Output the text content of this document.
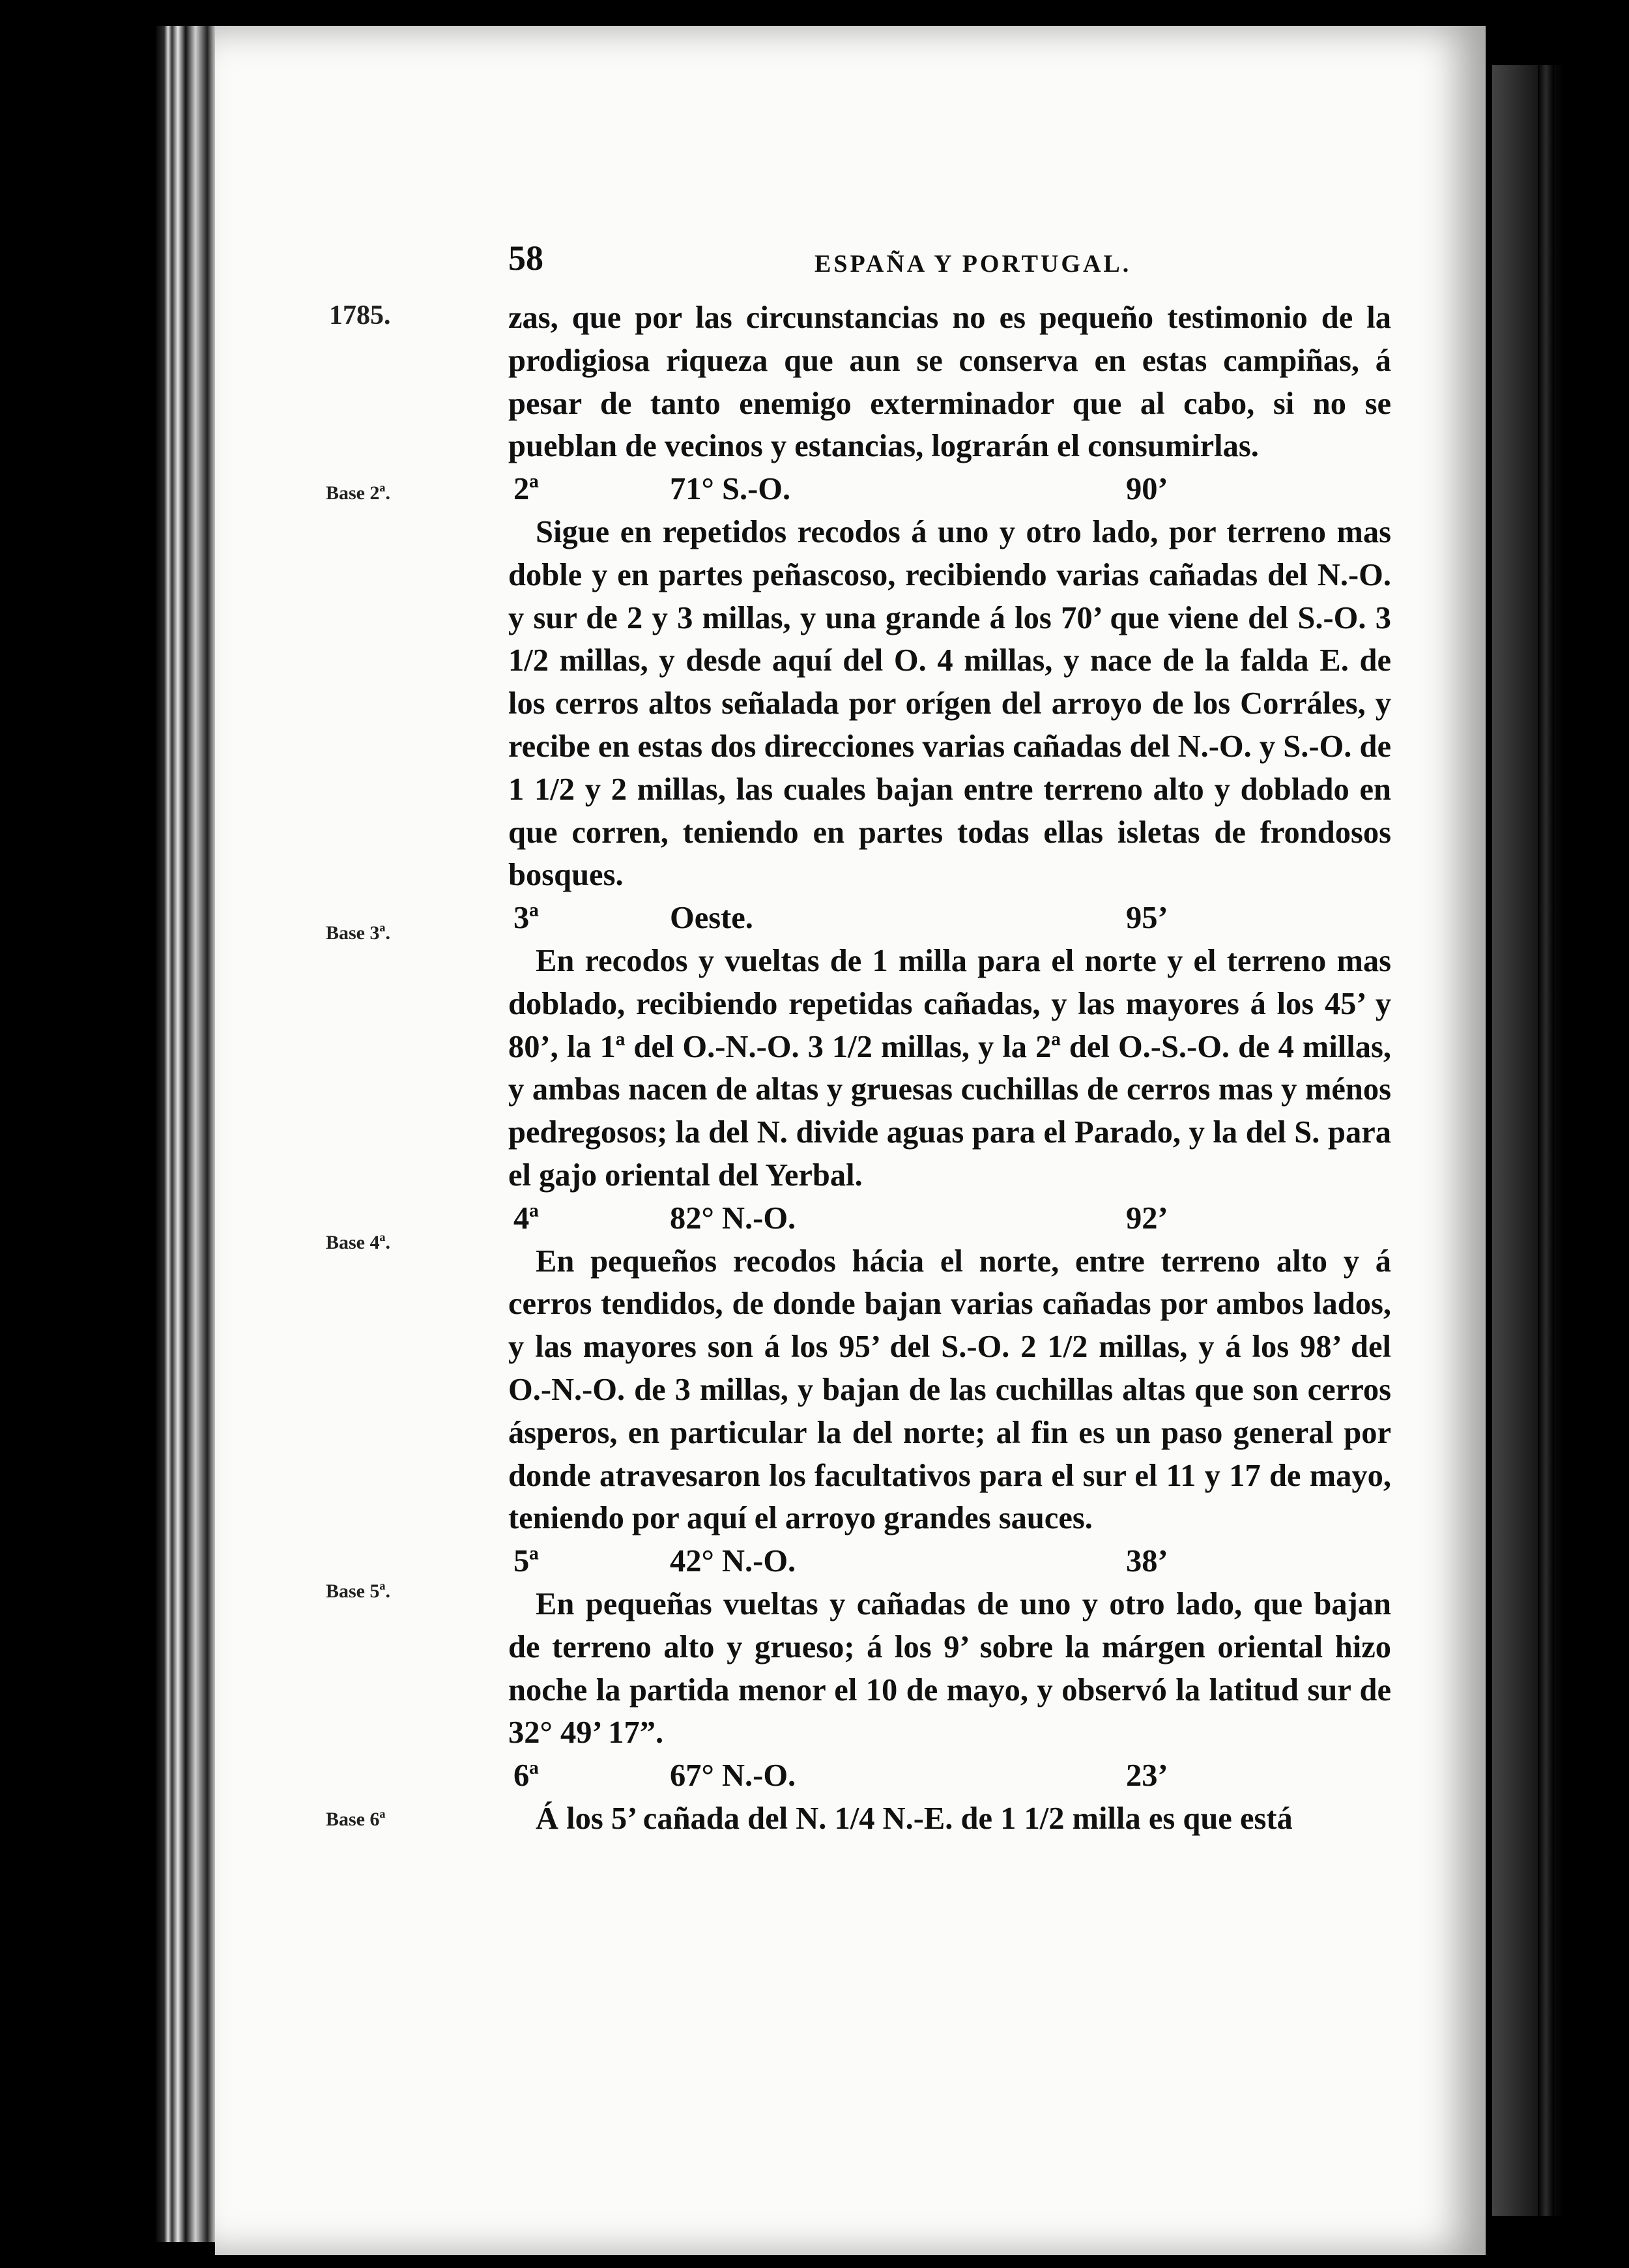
58	ESPAÑA Y PORTUGAL.
1785.
Base 2ª.
Base 3ª.
Base 4ª.
Base 5ª.
Base 6ª

zas, que por las circunstancias no es pequeño testimonio de la prodigiosa riqueza que aun se conserva en estas campiñas, á pesar de tanto enemigo exterminador que al cabo, si no se pueblan de vecinos y estancias, lograrán el consumirlas.

2ª	71° S.-O.	90’

Sigue en repetidos recodos á uno y otro lado, por terreno mas doble y en partes peñascoso, recibiendo varias cañadas del N.-O. y sur de 2 y 3 millas, y una grande á los 70’ que viene del S.-O. 3 1/2 millas, y desde aquí del O. 4 millas, y nace de la falda E. de los cerros altos señalada por orígen del arroyo de los Corráles, y recibe en estas dos direcciones varias cañadas del N.-O. y S.-O. de 1 1/2 y 2 millas, las cuales bajan entre terreno alto y doblado en que corren, teniendo en partes todas ellas isletas de frondosos bosques.

3ª	Oeste.	95’

En recodos y vueltas de 1 milla para el norte y el terreno mas doblado, recibiendo repetidas cañadas, y las mayores á los 45’ y 80’, la 1ª del O.-N.-O. 3 1/2 millas, y la 2ª del O.-S.-O. de 4 millas, y ambas nacen de altas y gruesas cuchillas de cerros mas y ménos pedregosos; la del N. divide aguas para el Parado, y la del S. para el gajo oriental del Yerbal.

4ª	82° N.-O.	92’

En pequeños recodos hácia el norte, entre terreno alto y á cerros tendidos, de donde bajan varias cañadas por ambos lados, y las mayores son á los 95’ del S.-O. 2 1/2 millas, y á los 98’ del O.-N.-O. de 3 millas, y bajan de las cuchillas altas que son cerros ásperos, en particular la del norte; al fin es un paso general por donde atravesaron los facultativos para el sur el 11 y 17 de mayo, teniendo por aquí el arroyo grandes sauces.

5ª	42° N.-O.	38’

En pequeñas vueltas y cañadas de uno y otro lado, que bajan de terreno alto y grueso; á los 9’ sobre la márgen oriental hizo noche la partida menor el 10 de mayo, y observó la latitud sur de 32° 49’ 17”.

6ª	67° N.-O.	23’

Á los 5’ cañada del N. 1/4 N.-E. de 1 1/2 milla es que está
